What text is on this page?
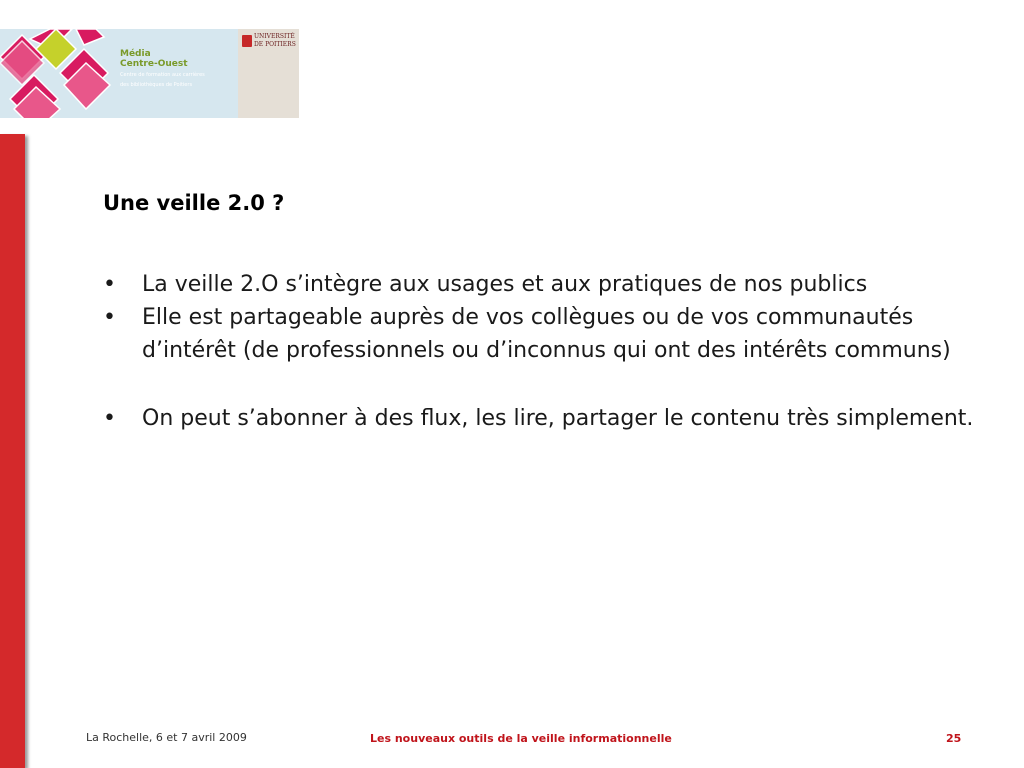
Média
Centre-Ouest
Centre de formation aux carrières
des bibliothèques de Poitiers
UNIVERSITÉ
DE POITIERS
Une veille 2.0 ?
•	La veille 2.O s’intègre aux usages et aux pratiques de nos publics
•	Elle est partageable auprès de vos collègues ou de vos communautés d’intérêt (de professionnels ou d’inconnus qui ont des intérêts communs)
•	On peut s’abonner à des flux, les lire, partager le contenu très simplement.
La Rochelle, 6 et 7 avril 2009	Les nouveaux outils de la veille informationnelle	25
